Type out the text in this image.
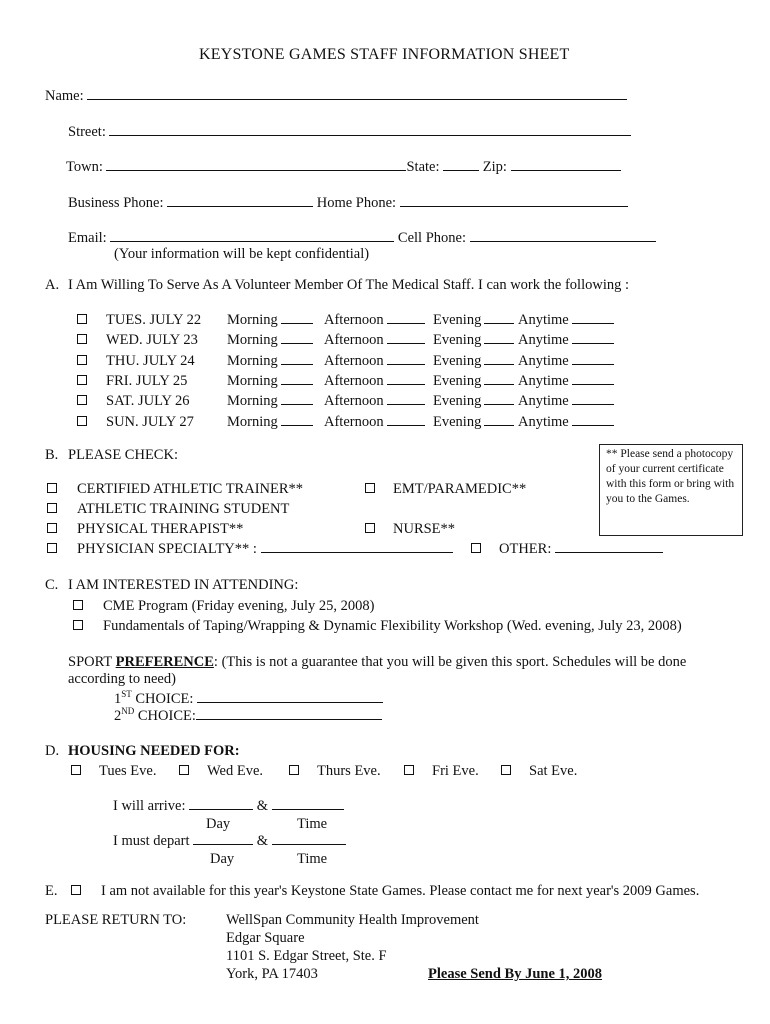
KEYSTONE GAMES STAFF INFORMATION SHEET
Name:
Street:
Town:	State:	Zip:
Business Phone:	Home Phone:
Email:	Cell Phone:
(Your information will be kept confidential)
A. I Am Willing To Serve As A Volunteer Member Of The Medical Staff. I can work the following :
TUES. JULY 22 Morning	Afternoon	Evening	Anytime
WED. JULY 23 Morning	Afternoon	Evening	Anytime
THU. JULY 24 Morning	Afternoon	Evening	Anytime
FRI. JULY 25	Morning	Afternoon	Evening	Anytime
SAT. JULY 26	Morning	Afternoon	Evening	Anytime
SUN. JULY 27 Morning	Afternoon	Evening	Anytime
B. PLEASE CHECK:
CERTIFIED ATHLETIC TRAINER**	EMT/PARAMEDIC**
ATHLETIC TRAINING STUDENT
PHYSICAL THERAPIST**	NURSE**
PHYSICIAN SPECIALTY** :	OTHER:
** Please send a photocopy of your current certificate with this form or bring with you to the Games.
C. I AM INTERESTED IN ATTENDING:
CME Program (Friday evening, July 25, 2008)
Fundamentals of Taping/Wrapping & Dynamic Flexibility Workshop (Wed. evening, July 23, 2008)
SPORT PREFERENCE: (This is not a guarantee that you will be given this sport. Schedules will be done
according to need)
1ST CHOICE:
2ND CHOICE:
D. HOUSING NEEDED FOR:
Tues Eve.	Wed Eve.	Thurs Eve.	Fri Eve.	Sat Eve.
I will arrive:	&
Day	Time
I must depart	&
Day	Time
E.	I am not available for this year's Keystone State Games. Please contact me for next year's 2009 Games.
PLEASE RETURN TO:	WellSpan Community Health Improvement
Edgar Square
1101 S. Edgar Street, Ste. F
York, PA 17403	Please Send By June 1, 2008
